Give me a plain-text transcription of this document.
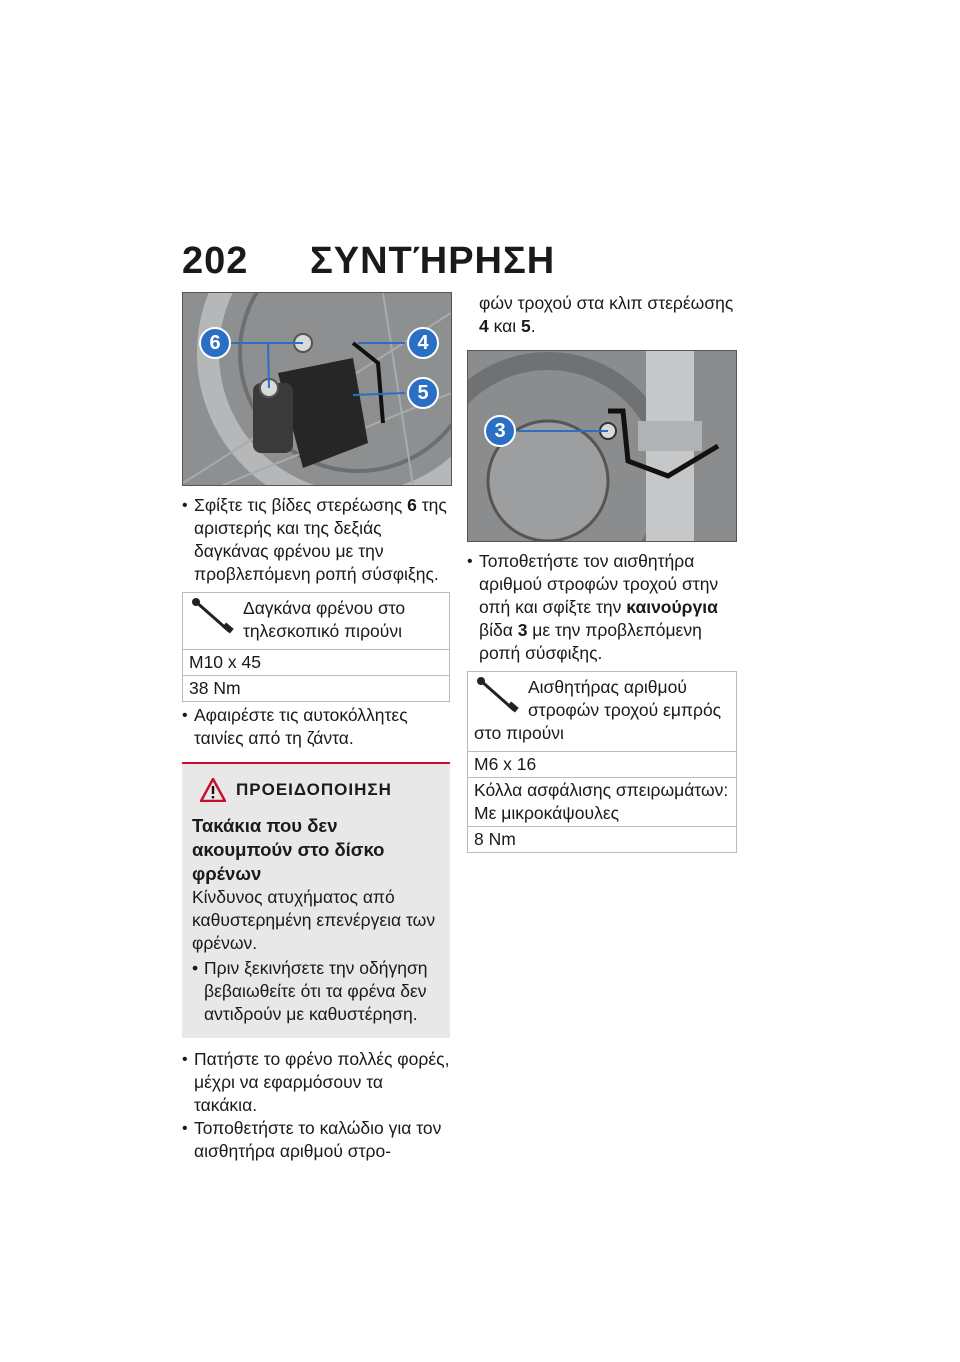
202 ΣΥΝΤΉΡΗΣΗ
6	4
5
• Σφίξτε τις βίδες στερέωσης 6 της αριστερής και της δεξιάς δαγκάνας φρένου με την προβλεπόμενη ροπή σύσφιξης.
Δαγκάνα φρένου στο τηλεσκοπικό πιρούνι
M10 x 45
38 Nm
• Αφαιρέστε τις αυτοκόλλητες ταινίες από τη ζάντα.
ΠΡΟΕΙΔΟΠΟΙΗΣΗ
Τακάκια που δεν ακουμπούν στο δίσκο φρένων
Κίνδυνος ατυχήματος από καθυστερημένη επενέργεια των φρένων.
• Πριν ξεκινήσετε την οδήγηση βεβαιωθείτε ότι τα φρένα δεν αντιδρούν με καθυστέρηση.
• Πατήστε το φρένο πολλές φορές, μέχρι να εφαρμόσουν τα τακάκια.
• Τοποθετήστε το καλώδιο για τον αισθητήρα αριθμού στρο-
φών τροχού στα κλιπ στερέωσης 4 και 5.
3
• Τοποθετήστε τον αισθητήρα αριθμού στροφών τροχού στην οπή και σφίξτε την καινούργια βίδα 3 με την προβλεπόμενη ροπή σύσφιξης.
Αισθητήρας αριθμού στροφών τροχού εμπρός στο πιρούνι
M6 x 16
Κόλλα ασφάλισης σπειρωμάτων: Με μικροκάψουλες
8 Nm
